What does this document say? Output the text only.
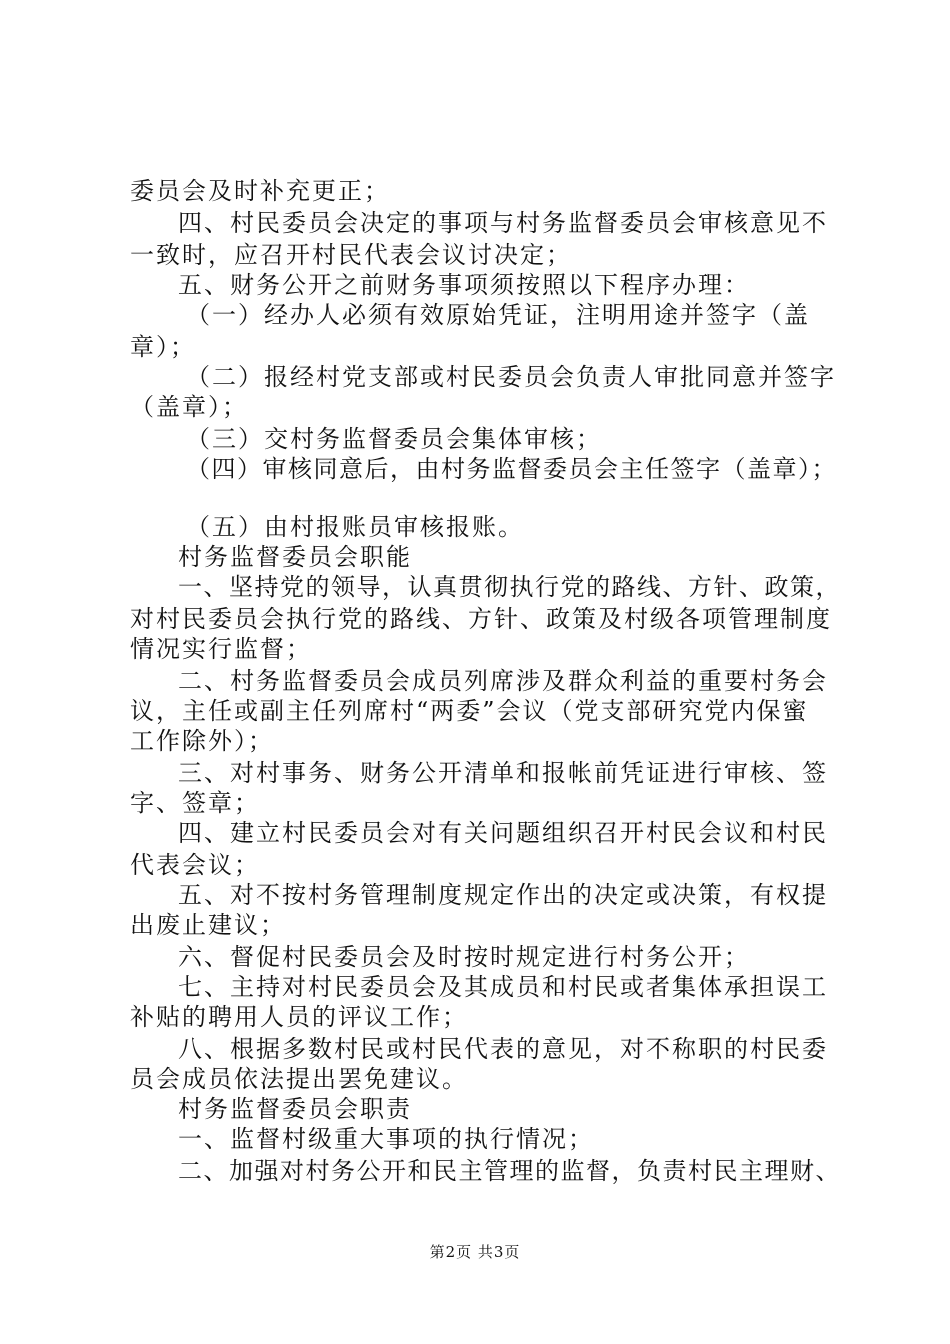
委员会及时补充更正；
四、村民委员会决定的事项与村务监督委员会审核意见不
一致时，应召开村民代表会议讨决定；
五、财务公开之前财务事项须按照以下程序办理：
（一）经办人必须有效原始凭证，注明用途并签字（盖
章）；
（二）报经村党支部或村民委员会负责人审批同意并签字
（盖章）；
（三）交村务监督委员会集体审核；
（四）审核同意后，由村务监督委员会主任签字（盖章）；
（五）由村报账员审核报账。
村务监督委员会职能
一、坚持党的领导，认真贯彻执行党的路线、方针、政策，
对村民委员会执行党的路线、方针、政策及村级各项管理制度
情况实行监督；
二、村务监督委员会成员列席涉及群众利益的重要村务会
议，主任或副主任列席村“两委”会议（党支部研究党内保蜜
工作除外）；
三、对村事务、财务公开清单和报帐前凭证进行审核、签
字、签章；
四、建立村民委员会对有关问题组织召开村民会议和村民
代表会议；
五、对不按村务管理制度规定作出的决定或决策，有权提
出废止建议；
六、督促村民委员会及时按时规定进行村务公开；
七、主持对村民委员会及其成员和村民或者集体承担误工
补贴的聘用人员的评议工作；
八、根据多数村民或村民代表的意见，对不称职的村民委
员会成员依法提出罢免建议。
村务监督委员会职责
一、监督村级重大事项的执行情况；
二、加强对村务公开和民主管理的监督，负责村民主理财、
第2页 共3页
